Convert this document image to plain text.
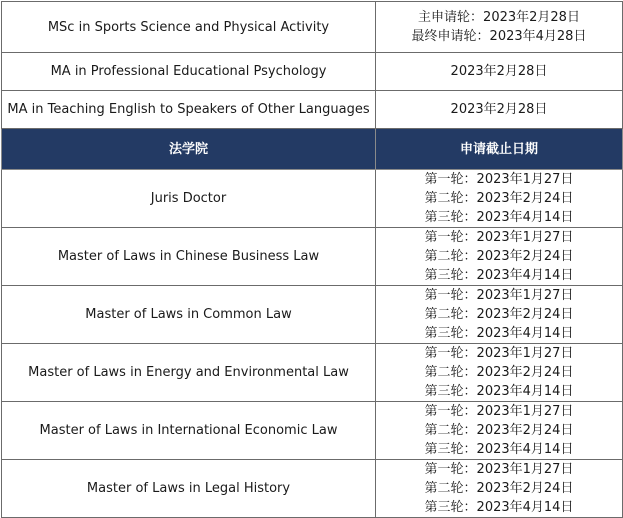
MSc in Sports Science and Physical Activity	主申请轮：2023年2月28日
最终申请轮：2023年4月28日

MA in Professional Educational Psychology	2023年2月28日

MA in Teaching English to Speakers of Other Languages	2023年2月28日

法学院	申请截止日期
Juris Doctor	第一轮：2023年1月27日
第二轮：2023年2月24日
第三轮：2023年4月14日

Master of Laws in Chinese Business Law	第一轮：2023年1月27日
第二轮：2023年2月24日
第三轮：2023年4月14日

Master of Laws in Common Law	第一轮：2023年1月27日
第二轮：2023年2月24日
第三轮：2023年4月14日

Master of Laws in Energy and Environmental Law	第一轮：2023年1月27日
第二轮：2023年2月24日
第三轮：2023年4月14日

Master of Laws in International Economic Law	第一轮：2023年1月27日
第二轮：2023年2月24日
第三轮：2023年4月14日

Master of Laws in Legal History	第一轮：2023年1月27日
第二轮：2023年2月24日
第三轮：2023年4月14日
